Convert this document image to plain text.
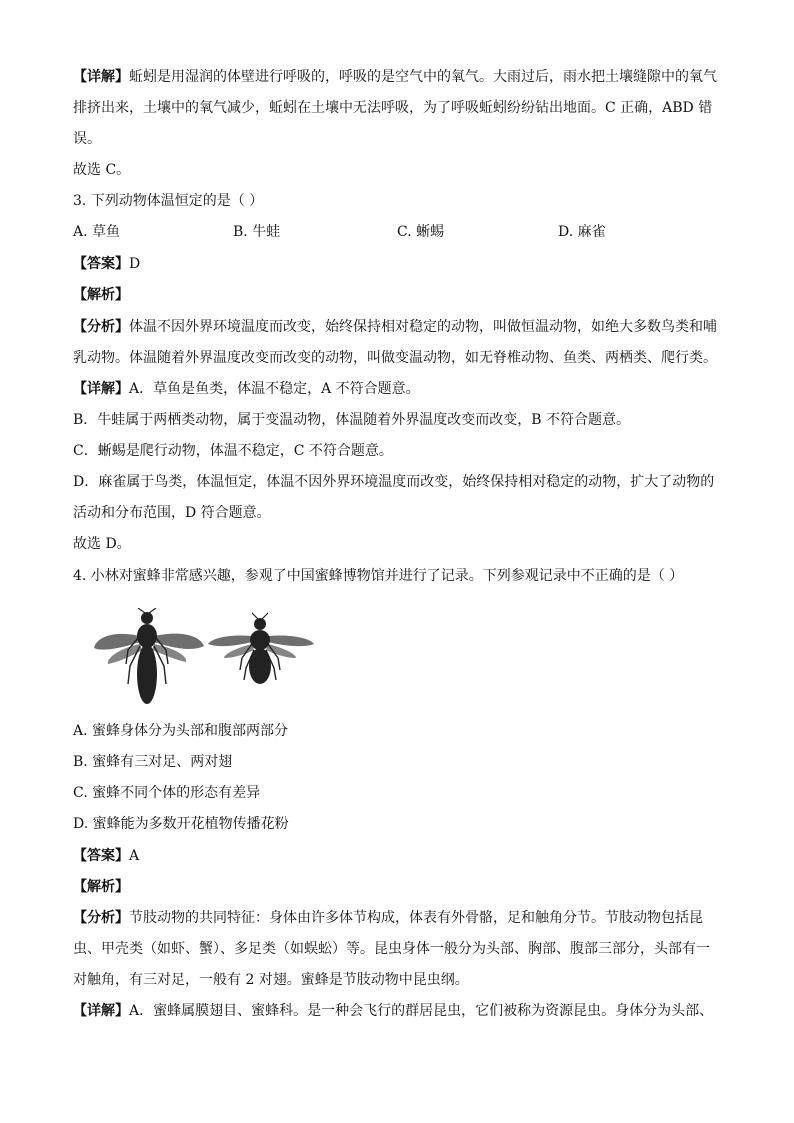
【详解】蚯蚓是用湿润的体壁进行呼吸的，呼吸的是空气中的氧气。大雨过后，雨水把土壤缝隙中的氧气
排挤出来，土壤中的氧气减少，蚯蚓在土壤中无法呼吸，为了呼吸蚯蚓纷纷钻出地面。C 正确，ABD 错
误。
故选 C。
3. 下列动物体温恒定的是（ ）
A. 草鱼	B. 牛蛙	C. 蜥蜴	D. 麻雀
【答案】D
【解析】
【分析】体温不因外界环境温度而改变，始终保持相对稳定的动物，叫做恒温动物，如绝大多数鸟类和哺
乳动物。体温随着外界温度改变而改变的动物，叫做变温动物，如无脊椎动物、鱼类、两栖类、爬行类。
【详解】A．草鱼是鱼类，体温不稳定，A 不符合题意。
B．牛蛙属于两栖类动物，属于变温动物，体温随着外界温度改变而改变，B 不符合题意。
C．蜥蜴是爬行动物，体温不稳定，C 不符合题意。
D．麻雀属于鸟类，体温恒定，体温不因外界环境温度而改变，始终保持相对稳定的动物，扩大了动物的
活动和分布范围，D 符合题意。
故选 D。
4. 小林对蜜蜂非常感兴趣，参观了中国蜜蜂博物馆并进行了记录。下列参观记录中不正确的是（ ）
A. 蜜蜂身体分为头部和腹部两部分
B. 蜜蜂有三对足、两对翅
C. 蜜蜂不同个体的形态有差异
D. 蜜蜂能为多数开花植物传播花粉
【答案】A
【解析】
【分析】节肢动物的共同特征：身体由许多体节构成，体表有外骨骼，足和触角分节。节肢动物包括昆
虫、甲壳类（如虾、蟹）、多足类（如蜈蚣）等。昆虫身体一般分为头部、胸部、腹部三部分，头部有一
对触角，有三对足，一般有 2 对翅。蜜蜂是节肢动物中昆虫纲。
【详解】A．蜜蜂属膜翅目、蜜蜂科。是一种会飞行的群居昆虫，它们被称为资源昆虫。身体分为头部、
